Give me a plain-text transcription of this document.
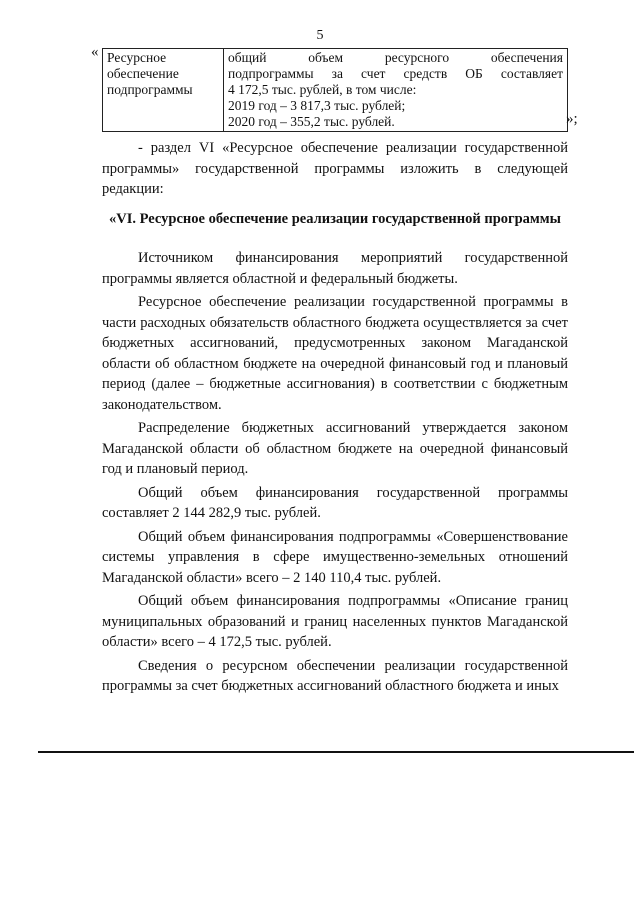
5
« Ресурсное обеспечение подпрограммы	
общий объем ресурсного обеспечения
подпрограммы за счет средств ОБ составляет
4 172,5 тыс. рублей, в том числе:
2019 год – 3 817,3 тыс. рублей;
2020 год – 355,2 тыс. рублей.	»;

- раздел VI «Ресурсное обеспечение реализации государственной программы» государственной программы изложить в следующей редакции:

«VI. Ресурсное обеспечение реализации государственной программы

Источником финансирования мероприятий государственной программы является областной и федеральный бюджеты.

Ресурсное обеспечение реализации государственной программы в части расходных обязательств областного бюджета осуществляется за счет бюджетных ассигнований, предусмотренных законом Магаданской области об областном бюджете на очередной финансовый год и плановый период (далее – бюджетные ассигнования) в соответствии с бюджетным законодательством.

Распределение бюджетных ассигнований утверждается законом Магаданской области об областном бюджете на очередной финансовый год и плановый период.

Общий объем финансирования государственной программы составляет 2 144 282,9 тыс. рублей.

Общий объем финансирования подпрограммы «Совершенствование системы управления в сфере имущественно-земельных отношений Магаданской области» всего – 2 140 110,4 тыс. рублей.

Общий объем финансирования подпрограммы «Описание границ муниципальных образований и границ населенных пунктов Магаданской области» всего – 4 172,5 тыс. рублей.

Сведения о ресурсном обеспечении реализации государственной программы за счет бюджетных ассигнований областного бюджета и иных
